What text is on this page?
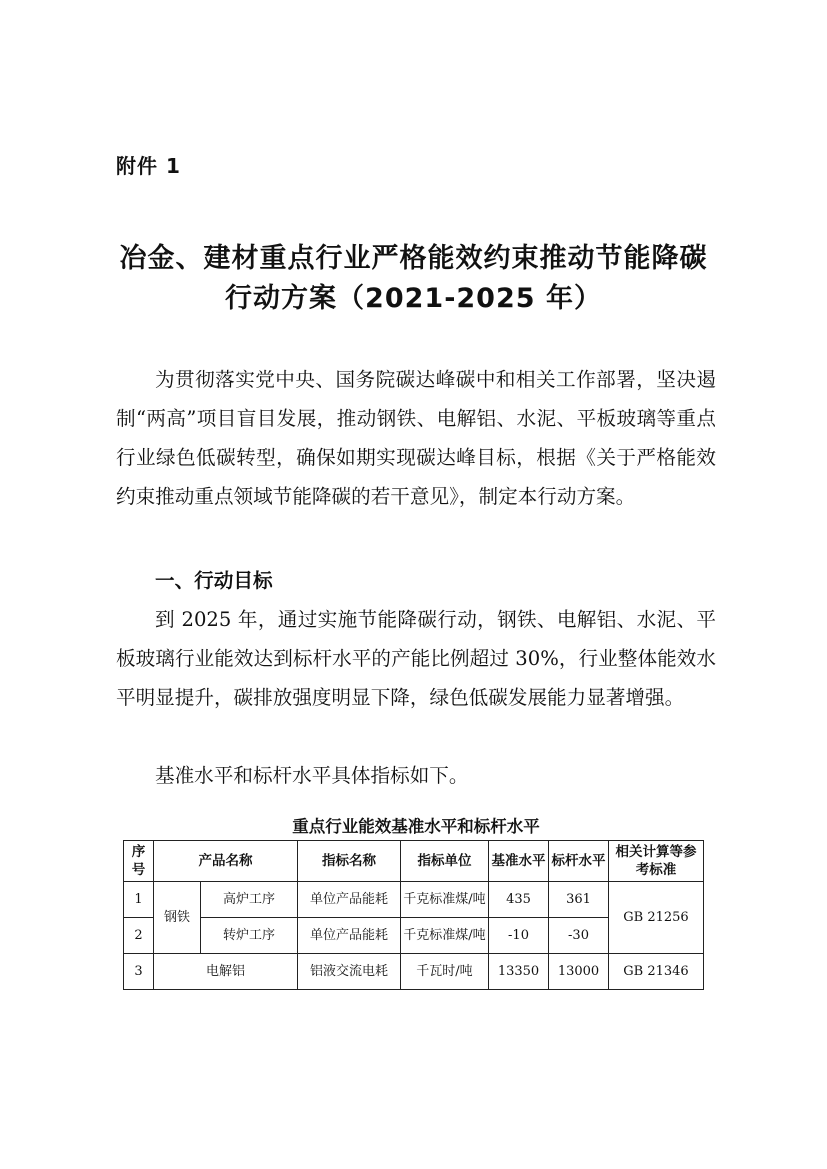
附件 1
冶金、建材重点行业严格能效约束推动节能降碳
行动方案（2021-2025 年）
为贯彻落实党中央、国务院碳达峰碳中和相关工作部署，坚决遏制“两高”项目盲目发展，推动钢铁、电解铝、水泥、平板玻璃等重点行业绿色低碳转型，确保如期实现碳达峰目标，根据《关于严格能效约束推动重点领域节能降碳的若干意见》，制定本行动方案。
一、行动目标
到 2025 年，通过实施节能降碳行动，钢铁、电解铝、水泥、平板玻璃行业能效达到标杆水平的产能比例超过 30%，行业整体能效水平明显提升，碳排放强度明显下降，绿色低碳发展能力显著增强。
基准水平和标杆水平具体指标如下。
重点行业能效基准水平和标杆水平
序号	产品名称		指标名称	指标单位	基准水平	标杆水平	相关计算等参考标准
1	钢铁	高炉工序	单位产品能耗	千克标准煤/吨	435	361	GB 21256
2		转炉工序	单位产品能耗	千克标准煤/吨	-10	-30	
3	电解铝		铝液交流电耗	千瓦时/吨	13350	13000	GB 21346
